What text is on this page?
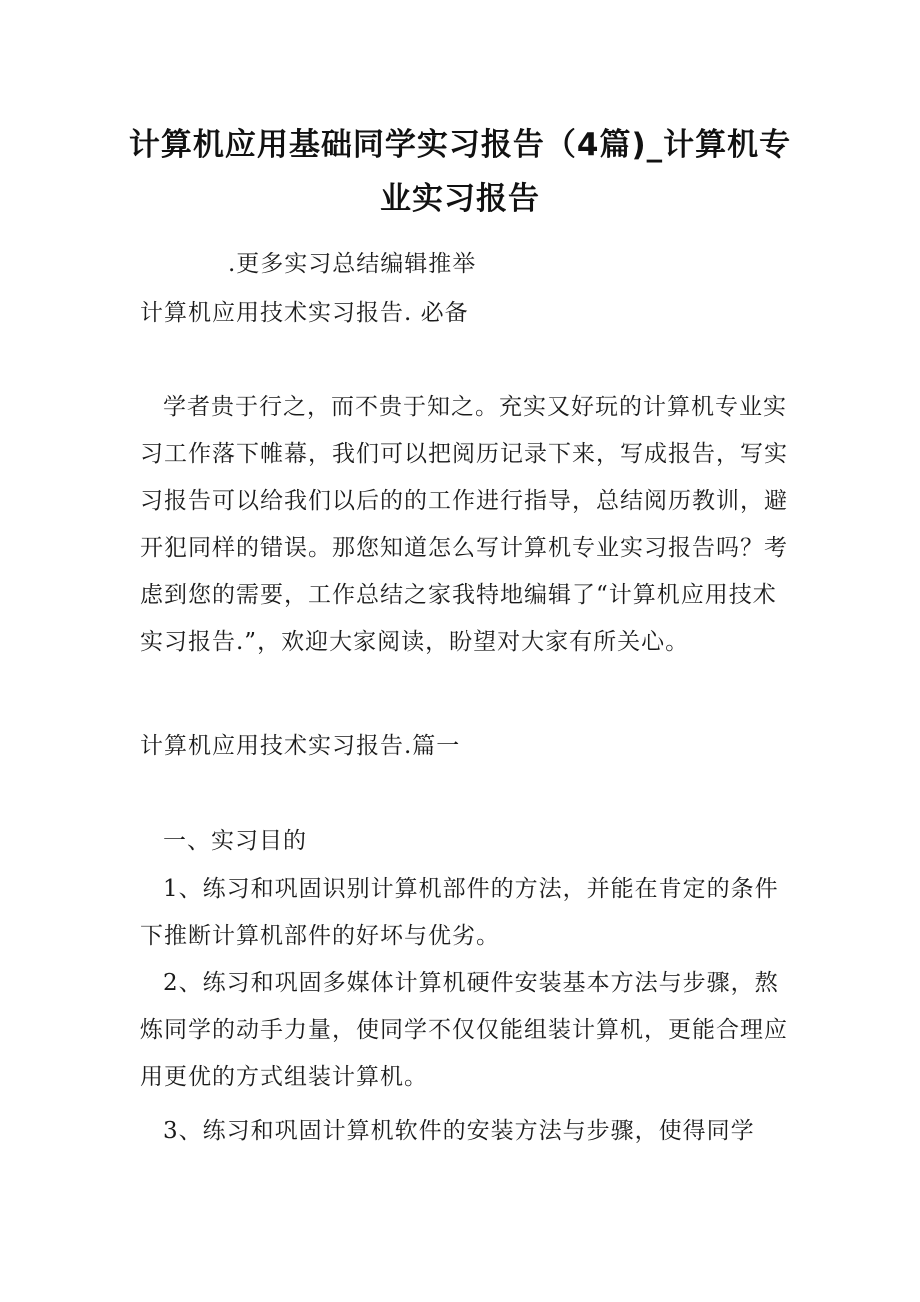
计算机应用基础同学实习报告（4篇)_计算机专业实习报告

.更多实习总结编辑推举

计算机应用技术实习报告. 必备

学者贵于行之，而不贵于知之。充实又好玩的计算机专业实习工作落下帷幕，我们可以把阅历记录下来，写成报告，写实习报告可以给我们以后的的工作进行指导，总结阅历教训，避开犯同样的错误。那您知道怎么写计算机专业实习报告吗？考虑到您的需要，工作总结之家我特地编辑了“计算机应用技术实习报告.”，欢迎大家阅读，盼望对大家有所关心。

计算机应用技术实习报告.篇一

一、实习目的

1、练习和巩固识别计算机部件的方法，并能在肯定的条件下推断计算机部件的好坏与优劣。

2、练习和巩固多媒体计算机硬件安装基本方法与步骤，熬炼同学的动手力量，使同学不仅仅能组装计算机，更能合理应用更优的方式组装计算机。

3、练习和巩固计算机软件的安装方法与步骤，使得同学
